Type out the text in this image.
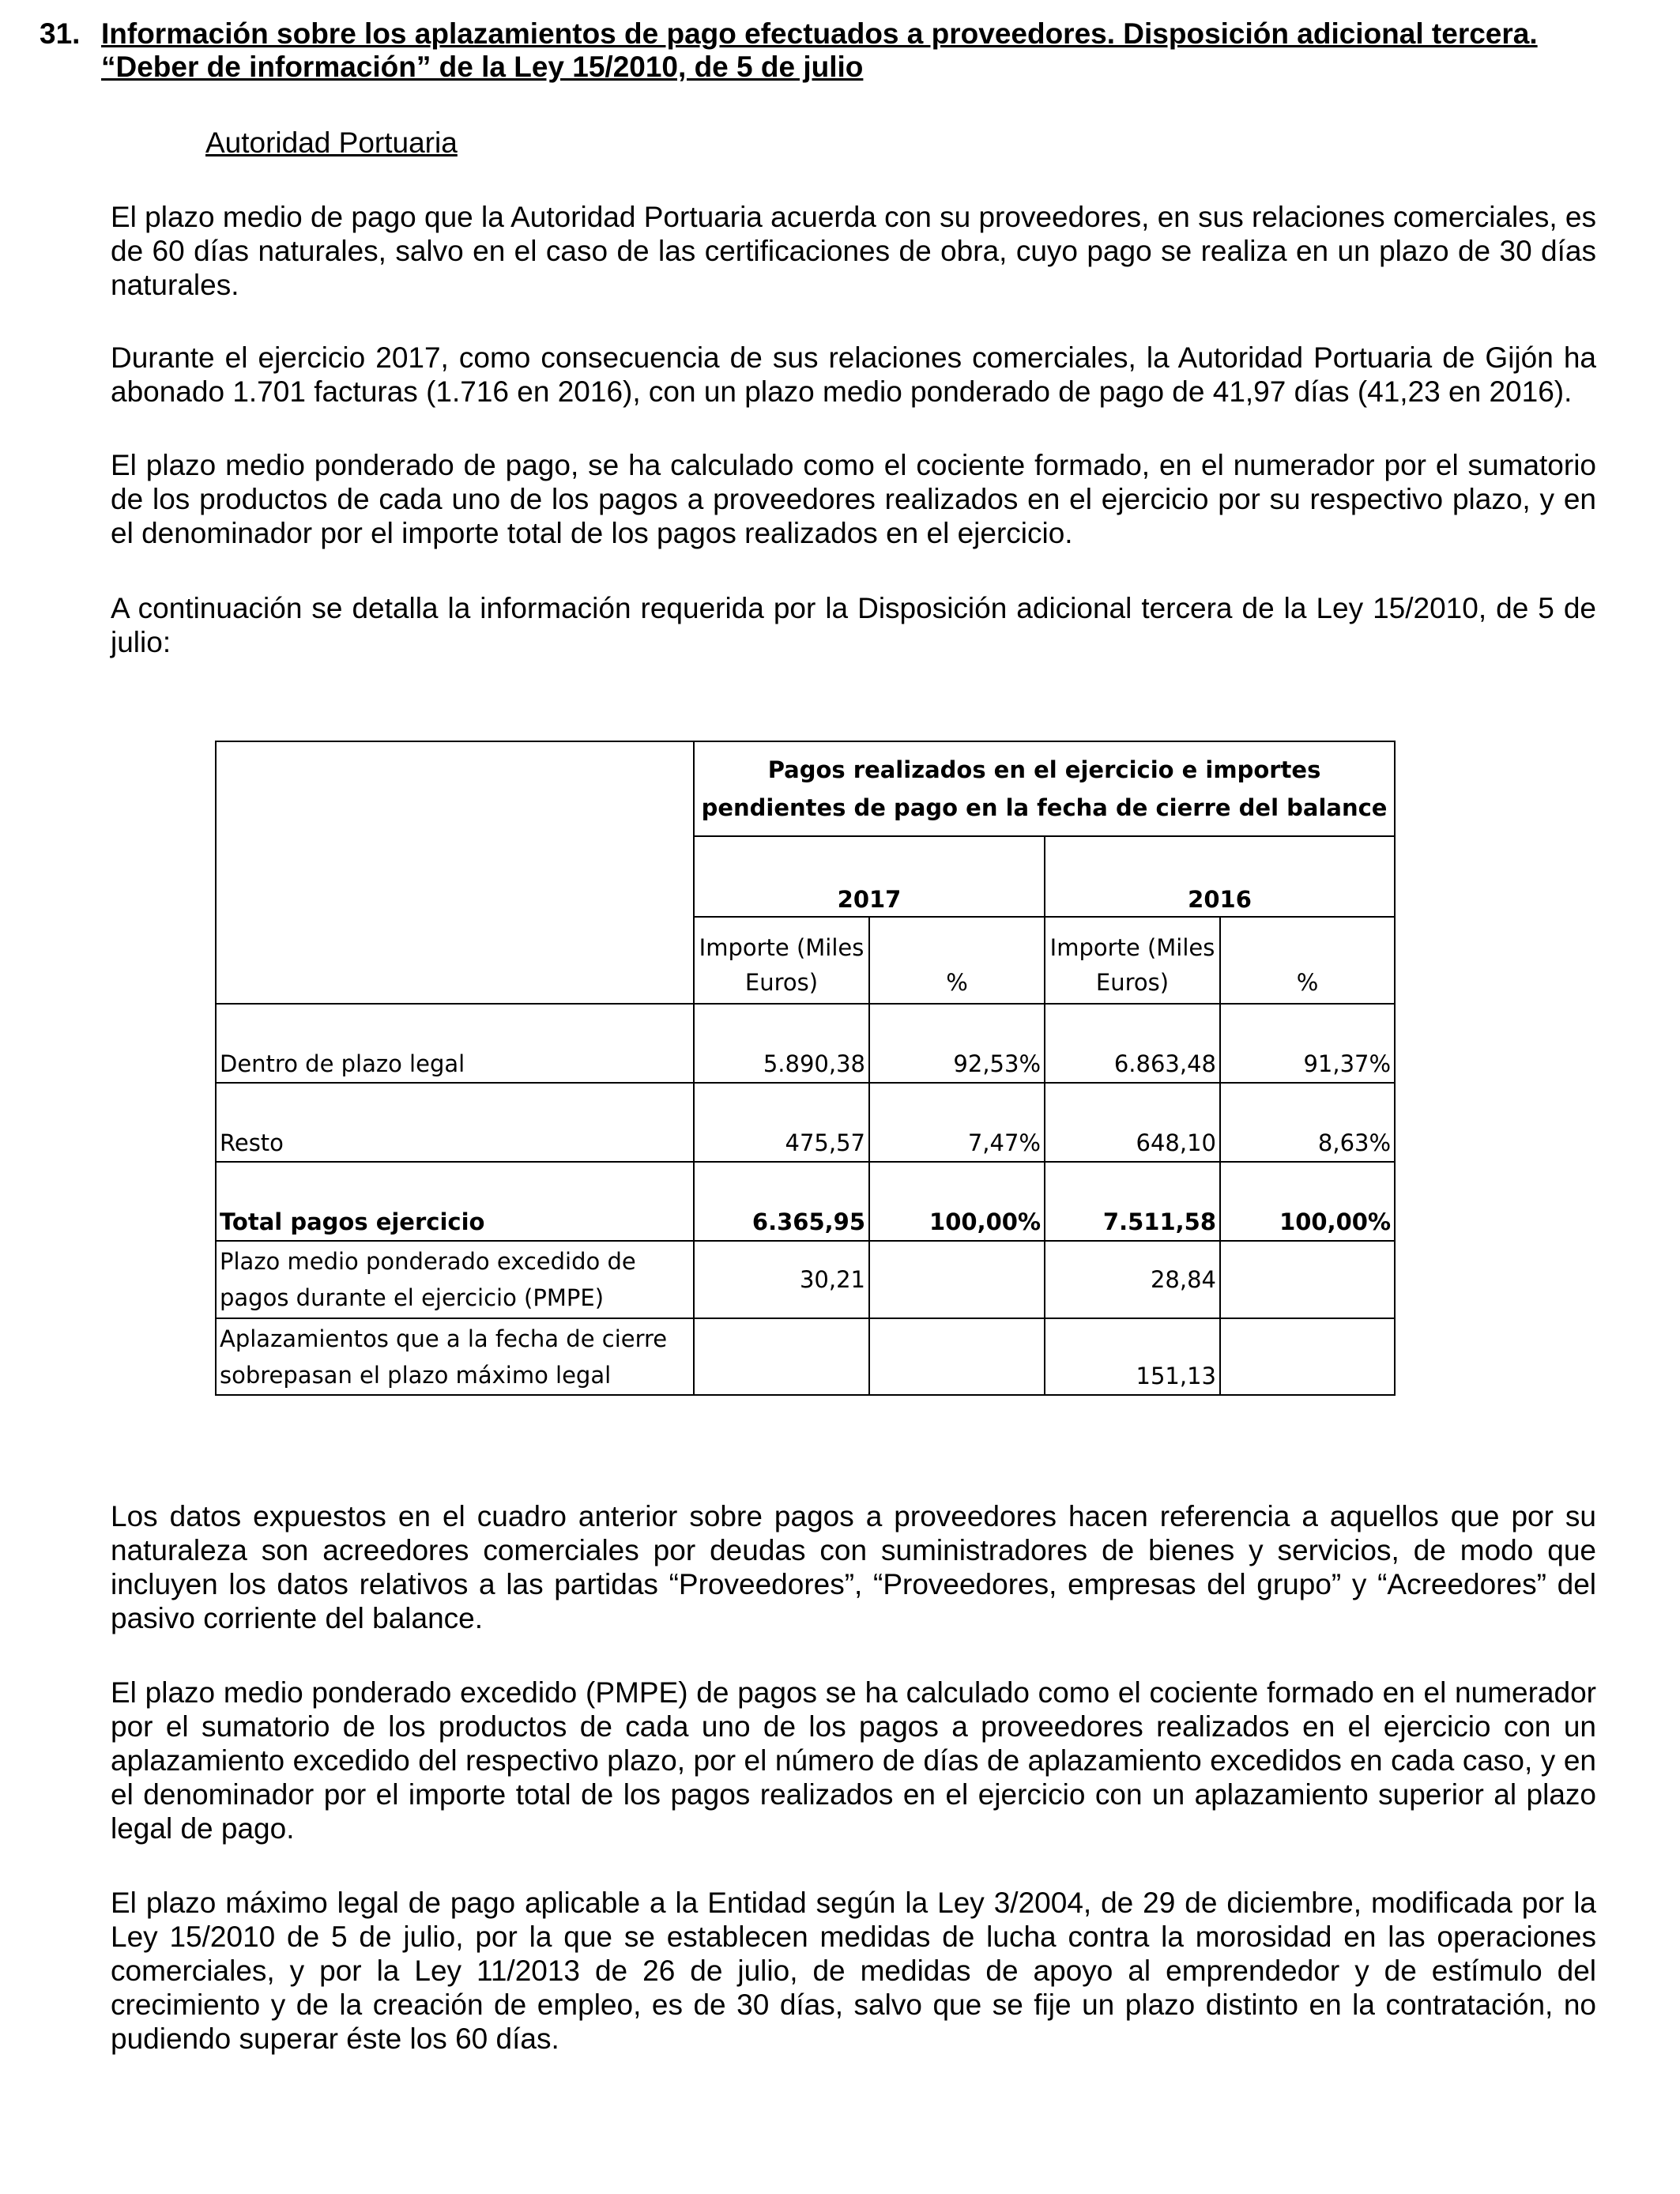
31. Información sobre los aplazamientos de pago efectuados a proveedores. Disposición adicional tercera. “Deber de información” de la Ley 15/2010, de 5 de julio
Autoridad Portuaria

El plazo medio de pago que la Autoridad Portuaria acuerda con su proveedores, en sus relaciones comerciales, es de 60 días naturales, salvo en el caso de las certificaciones de obra, cuyo pago se realiza en un plazo de 30 días naturales.

Durante el ejercicio 2017, como consecuencia de sus relaciones comerciales, la Autoridad Portuaria de Gijón ha abonado 1.701 facturas (1.716 en 2016), con un plazo medio ponderado de pago de 41,97 días (41,23 en 2016).

El plazo medio ponderado de pago, se ha calculado como el cociente formado, en el numerador por el sumatorio de los productos de cada uno de los pagos a proveedores realizados en el ejercicio por su respectivo plazo, y en el denominador por el importe total de los pagos realizados en el ejercicio.

A continuación se detalla la información requerida por la Disposición adicional tercera de la Ley 15/2010, de 5 de julio:

	Pagos realizados en el ejercicio e importes pendientes de pago en la fecha de cierre del balance			
	2017		2016	
	Importe (Miles Euros)	%	Importe (Miles Euros)	%
Dentro de plazo legal	5.890,38	92,53%	6.863,48	91,37%
Resto	475,57	7,47%	648,10	8,63%
Total pagos ejercicio	6.365,95	100,00%	7.511,58	100,00%
Plazo medio ponderado excedido de pagos durante el ejercicio (PMPE)	30,21		28,84	
Aplazamientos que a la fecha de cierre sobrepasan el plazo máximo legal			151,13	

Los datos expuestos en el cuadro anterior sobre pagos a proveedores hacen referencia a aquellos que por su naturaleza son acreedores comerciales por deudas con suministradores de bienes y servicios, de modo que incluyen los datos relativos a las partidas “Proveedores”, “Proveedores, empresas del grupo” y “Acreedores” del pasivo corriente del balance.

El plazo medio ponderado excedido (PMPE) de pagos se ha calculado como el cociente formado en el numerador por el sumatorio de los productos de cada uno de los pagos a proveedores realizados en el ejercicio con un aplazamiento excedido del respectivo plazo, por el número de días de aplazamiento excedidos en cada caso, y en el denominador por el importe total de los pagos realizados en el ejercicio con un aplazamiento superior al plazo legal de pago.

El plazo máximo legal de pago aplicable a la Entidad según la Ley 3/2004, de 29 de diciembre, modificada por la Ley 15/2010 de 5 de julio, por la que se establecen medidas de lucha contra la morosidad en las operaciones comerciales, y por la Ley 11/2013 de 26 de julio, de medidas de apoyo al emprendedor y de estímulo del crecimiento y de la creación de empleo, es de 30 días, salvo que se fije un plazo distinto en la contratación, no pudiendo superar éste los 60 días.
